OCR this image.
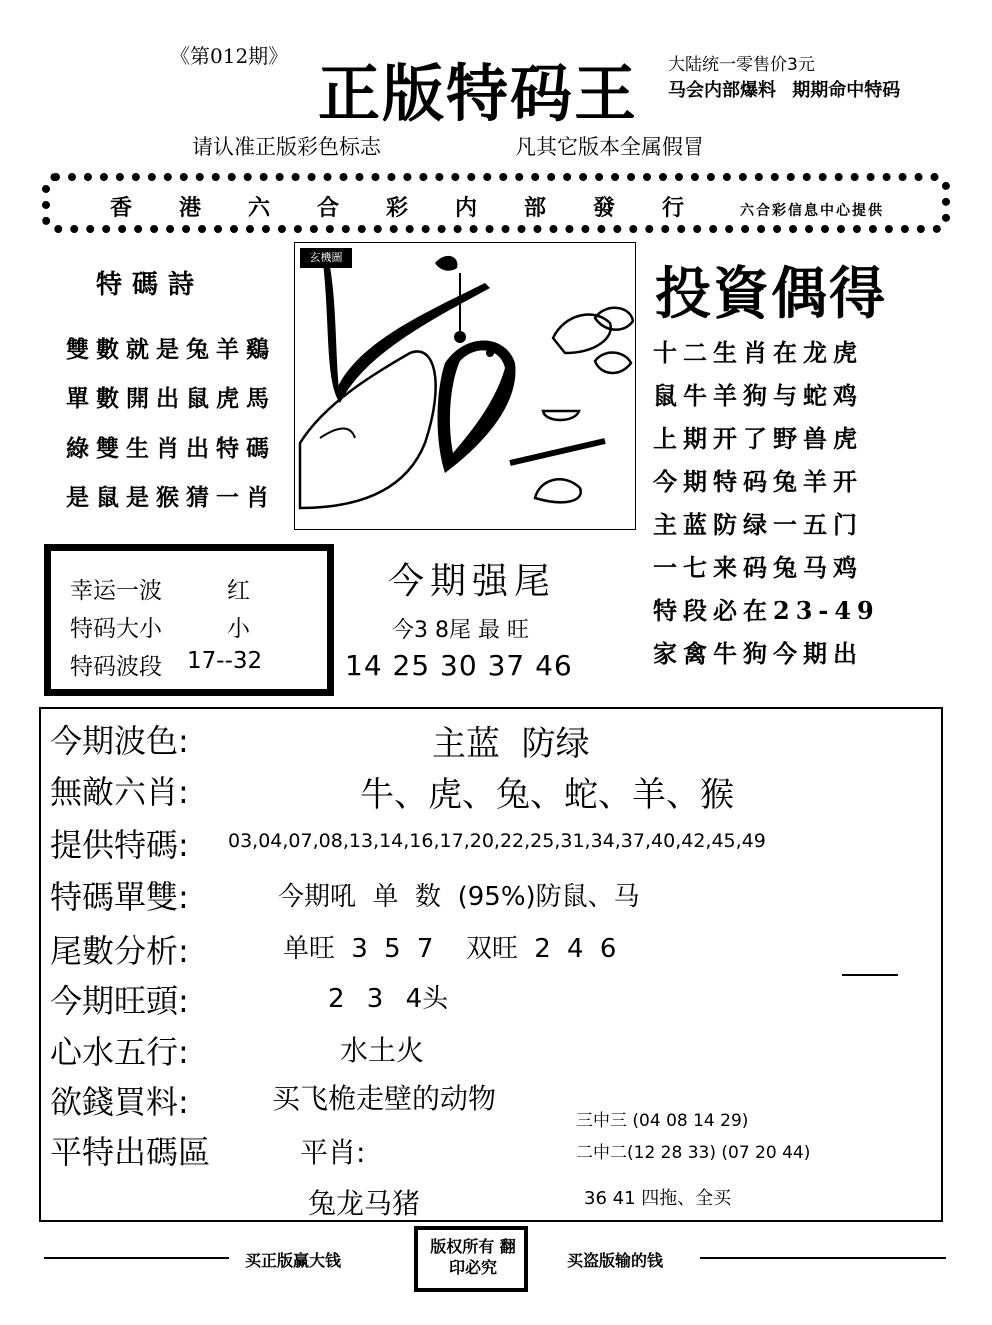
《第012期》
正版特码王 大陆统一零售价3元
马会内部爆料 期期命中特码
请认准正版彩色标志	凡其它版本全属假冒
香港六合彩内部發行 六合彩信息中心提供
特碼詩
雙數就是兔羊鷄
單數開出鼠虎馬
綠雙生肖出特碼
是鼠是猴猜一肖
玄機圖
投資偶得
十二生肖在龙虎
鼠牛羊狗与蛇鸡
上期开了野兽虎
今期特码兔羊开
主蓝防绿一五门
一七来码兔马鸡
特段必在23-49
家禽牛狗今期出
幸运一波	红
特码大小	小
特码波段 17--32
今期强尾
今3 8尾 最 旺
14 25 30 37 46
今期波色:	主蓝  防绿
無敵六肖:	牛、虎、兔、蛇、羊、猴
提供特碼: 03,04,07,08,13,14,16,17,20,22,25,31,34,37,40,42,45,49
特碼單雙:	今期吼  单  数  (95%)防鼠、马
尾數分析:	单旺 3 5 7  双旺 2 4 6
今期旺頭:	2 3 4头
心水五行:	水土火
欲錢買料:	买飞桅走壁的动物
平特出碼區	平肖:
三中三 (04 08 14 29)
二中二(12 28 33) (07 20 44)
兔龙马猪	36 41 四拖、全买
买正版赢大钱
版权所有 翻印必究	买盗版输的钱
